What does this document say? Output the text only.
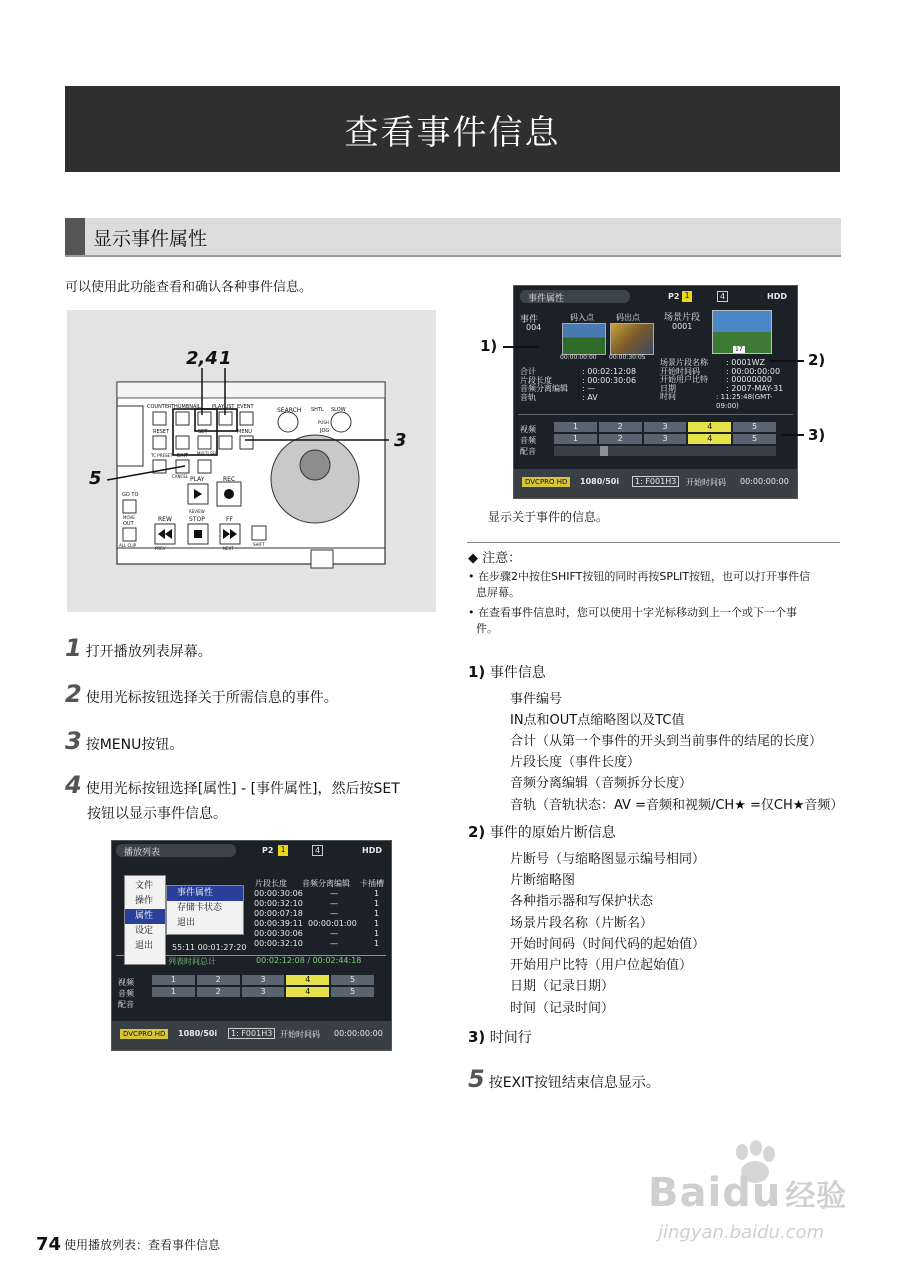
查看事件信息
显示事件属性
可以使用此功能查看和确认各种事件信息。
2,4 1
3
5
COUNTER THUMBNAIL PLAYLIST EVENT	SEARCH SHTL SLOW
PUSH
JOG
RESET	SET	MENU
TC PRESET EXIT MULTI SEL
CANCEL PLAY	REC
GO TO
MOVE
OUT
ALL CLIP
REW
REVIEW
STOP	FF
PREV	NEXT
SHIFT
1 打开播放列表屏幕。
2 使用光标按钮选择关于所需信息的事件。
3 按MENU按钮。
4 使用光标按钮选择[属性] - [事件属性]，然后按SET
按钮以显示事件信息。
播放列表	P2 1	4	HDD
片段长度 音频分离编辑 卡插槽
00:00:30:06	—	1
00:00:32:10	—	1
00:00:07:18	—	1
00:00:39:11 00:00:01:00 1
00:00:30:06	—	1
00:00:32:10	—	1
55:11 00:01:27:20
列表时间总计	00:02:12:08 / 00:02:44:18
文件
操作
属性
设定
退出
事件属性
存储卡状态
退出
视频
音频
配音
1	2	3	4	5
1	2	3	4	5
DVCPRO HD	1080/50i	1: F001H3 开始时间码 00:00:00:00
事件属性	P2 1	4	HDD
事件
004
码入点	码出点
00:00:00:00 00:00:30:05
场景片段
0001
17
合计	: 00:02:12:08
片段长度	: 00:00:30:06
音频分离编辑 : —
音轨	: AV
场景片段名称 : 0001WZ
开始时间码	: 00:00:00:00
开始用户比特 : 00000000
日期	: 2007-MAY-31
时间	: 11:25:48(GMT-09:00)
视频
音频
配音
1	2	3	4	5
1	2	3	4	5
DVCPRO HD	1080/50i	1: F001H3	开始时间码 00:00:00:00
1)
2)
3)
显示关于事件的信息。
◆ 注意：
• 在步骤2中按住SHIFT按钮的同时再按SPLIT按钮，也可以打开事件信
息屏幕。
• 在查看事件信息时，您可以使用十字光标移动到上一个或下一个事
件。
1) 事件信息
事件编号
IN点和OUT点缩略图以及TC值
合计（从第一个事件的开头到当前事件的结尾的长度）
片段长度（事件长度）
音频分离编辑（音频拆分长度）
音轨（音轨状态：AV =音频和视频/CH★ =仅CH★音频）
2) 事件的原始片断信息
片断号（与缩略图显示编号相同）
片断缩略图
各种指示器和写保护状态
场景片段名称（片断名）
开始时间码（时间代码的起始值）
开始用户比特（用户位起始值）
日期（记录日期）
时间（记录时间）
3) 时间行
5 按EXIT按钮结束信息显示。
Baidu 经验
jingyan.baidu.com
74 使用播放列表：查看事件信息
